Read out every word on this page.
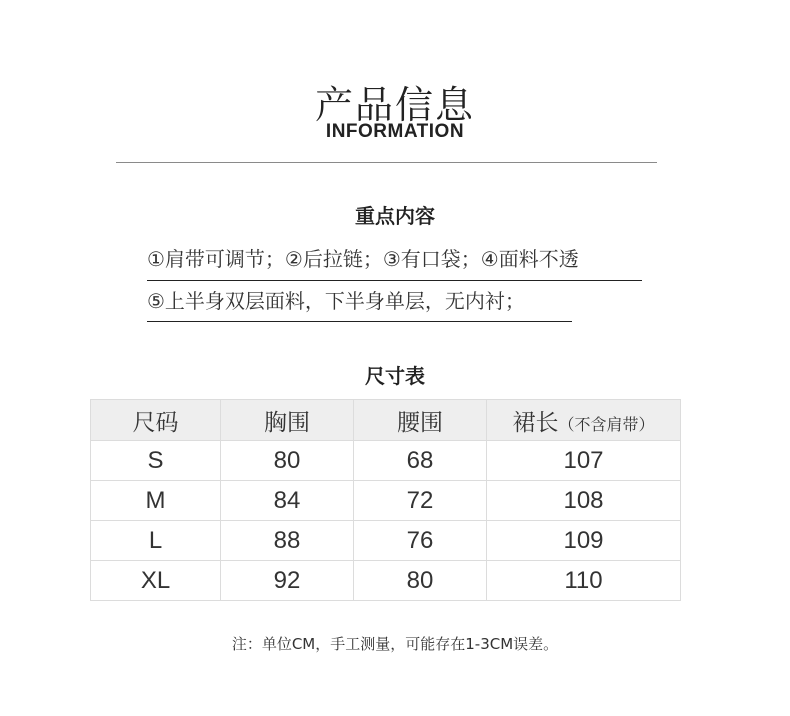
产品信息
INFORMATION
重点内容
①肩带可调节；②后拉链；③有口袋；④面料不透
⑤上半身双层面料，下半身单层，无内衬；
尺寸表
尺码	胸围	腰围	裙长（不含肩带）
S	80	68	107
M	84	72	108
L	88	76	109
XL	92	80	110
注：单位CM，手工测量，可能存在1-3CM误差。
